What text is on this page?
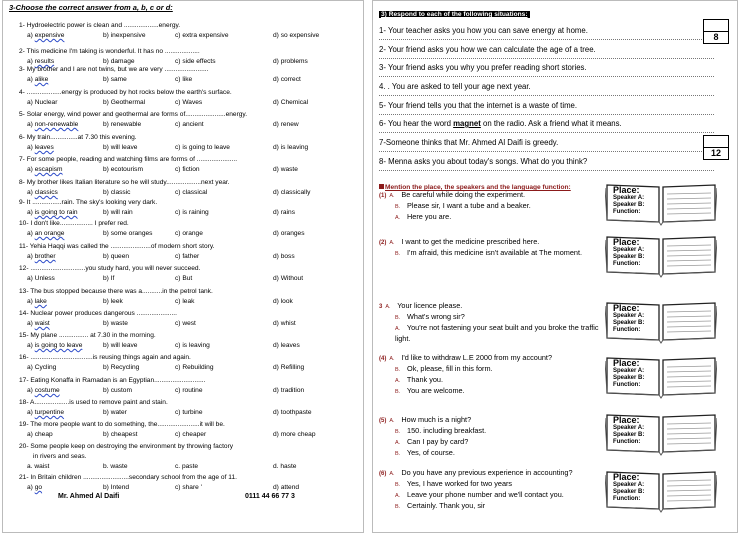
3-Choose the correct answer from a, b, c or d:
1- Hydroelectric power is clean and ...................energy.
a) expensive	b) inexpensive	c) extra expensive	d) so expensive
2- This medicine I'm taking is wonderful. It has no ...................
a) results	b) damage	c) side effects	d) problems
3- My brother and I are not twins, but we are very ........................
a) alike	b) same	c) like	d) correct
4- ...................energy is produced by hot rocks below the earth's surface.
a) Nuclear	b) Geothermal	c) Waves	d) Chemical
5- Solar energy, wind power and geothermal are forms of......................energy.
a) non-renewable	b) renewable	c) ancient	d) renew
6- My train...............at 7.30 this evening.
a) leaves	b) will leave	c) is going to leave	d) is leaving
7- For some people, reading and watching films are forms of ......................
a) escapism	b) ecotourism	c) fiction	d) waste
8- My brother likes Italian literature so he will study...................next year.
a) classics	b) classic	c) classical	d) classically
9- It ................rain. The sky's looking very dark.
a) is going to rain	b) will rain	c) is raining	d) rains
10- I don't like.................. I prefer red.
a) an orange	b) some oranges	c) orange	d) oranges
11- Yehia Haqqi was called the ......................of modern short story.
a) brother	b) queen	c) father	d) boss
12- ..............................you study hard, you will never succeed.
a) Unless	b) If	c) But	d) Without
13- The bus stopped because there was a...........in the petrol tank.
a) lake	b) leek	c) leak	d) look
14- Nuclear power produces dangerous ......................
a) waist	b) waste	c) west	d) whist
15- My plane ................ at 7.30 in the morning.
a) is going to leave	b) will leave	c) is leaving	d) leaves
16- ..................................is reusing things again and again.
a) Cycling	b) Recycling	c) Rebuilding	d) Refilling
17- Eating Konaffa in Ramadan is an Egyptian............................
a) costume	b) custom	c) routine	d) tradition
18- A...................is used to remove paint and stain.
a) turpentine	b) water	c) turbine	d) toothpaste
19- The more people want to do something, the.......................it will be.
a) cheap	b) cheapest	c) cheaper	d) more cheap
20- Some people keep on destroying the environment by throwing factory
in rivers and seas.
a. waist	b. waste	c. paste	d. haste
21- In Britain children .........................secondary school from the age of 11.
a) go	b) Intend	c) share '	d) attend
Mr. Ahmed Al Daifi	0111 44 66 77 3
3) Respond to each of the following situations:
Mention the place, the speakers and the language function:
1- Your teacher asks you how you can save energy at home.
2- Your friend asks you how we can calculate the age of a tree.
3- Your friend asks you why you prefer reading short stories.
4. . You are asked to tell your age next year.
5- Your friend tells you that the internet is a waste of time.
6- You hear the word magnet on the radio. Ask a friend what it means.
7-Someone thinks that Mr. Ahmed Al Daifi is greedy.
8- Menna asks you about today's songs. What do you think?
8
12
(1) A. Be careful while doing the experiment.
B. Please sir, I want a tube and a beaker.
A. Here you are.
Place:
Speaker A:
Speaker B:
Function:
(2) A. I want to get the medicine prescribed here.
B. I'm afraid, this medicine isn't available at The moment.
Place:
Speaker A:
Speaker B:
Function:
3 A. Your licence please.
B. What's wrong sir?
A. You're not fastening your seat built and you broke the traffic light.
Place:
Speaker A:
Speaker B:
Function:
(4) A. I'd like to withdraw L.E 2000 from my account?
B. Ok, please, fill in this form.
A. Thank you.
B. You are welcome.
Place:
Speaker A:
Speaker B:
Function:
(5) A. How much is a night?
B. 150. including breakfast.
A. Can I pay by card?
B. Yes, of course.
Place:
Speaker A:
Speaker B:
Function:
(6) A. Do you have any previous experience in accounting?
B. Yes, I have worked for two years
A. Leave your phone number and we'll contact you.
B. Certainly. Thank you, sir
Place:
Speaker A:
Speaker B:
Function:
